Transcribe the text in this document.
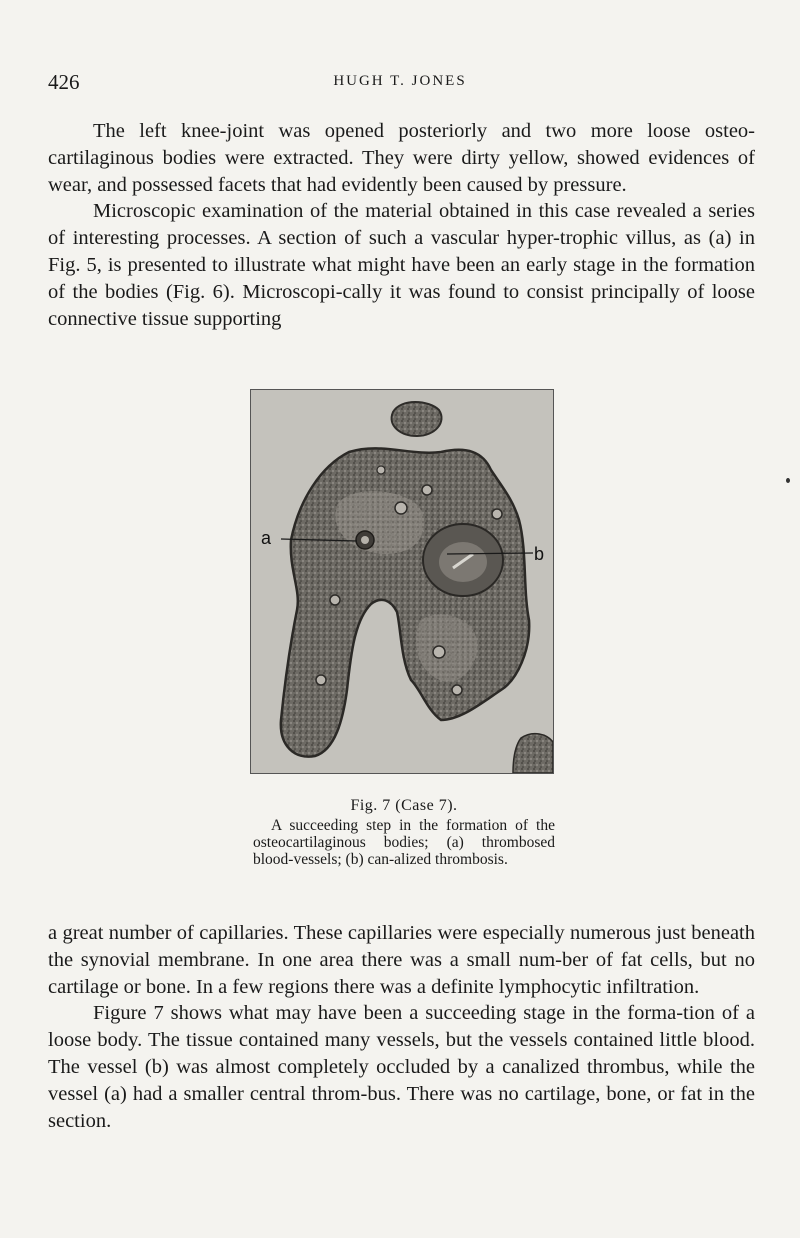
426	HUGH T. JONES

The left knee-joint was opened posteriorly and two more loose osteo-cartilaginous bodies were extracted. They were dirty yellow, showed evidences of wear, and possessed facets that had evidently been caused by pressure.

Microscopic examination of the material obtained in this case revealed a series of interesting processes. A section of such a vascular hyper-trophic villus, as (a) in Fig. 5, is presented to illustrate what might have been an early stage in the formation of the bodies (Fig. 6). Microscopi-cally it was found to consist principally of loose connective tissue supporting

a
b
Fig. 7 (Case 7).
A succeeding step in the formation of the osteocartilaginous bodies; (a) thrombosed blood-vessels; (b) can-alized thrombosis.

a great number of capillaries. These capillaries were especially numerous just beneath the synovial membrane. In one area there was a small num-ber of fat cells, but no cartilage or bone. In a few regions there was a definite lymphocytic infiltration.

Figure 7 shows what may have been a succeeding stage in the forma-tion of a loose body. The tissue contained many vessels, but the vessels contained little blood. The vessel (b) was almost completely occluded by a canalized thrombus, while the vessel (a) had a smaller central throm-bus. There was no cartilage, bone, or fat in the section.
